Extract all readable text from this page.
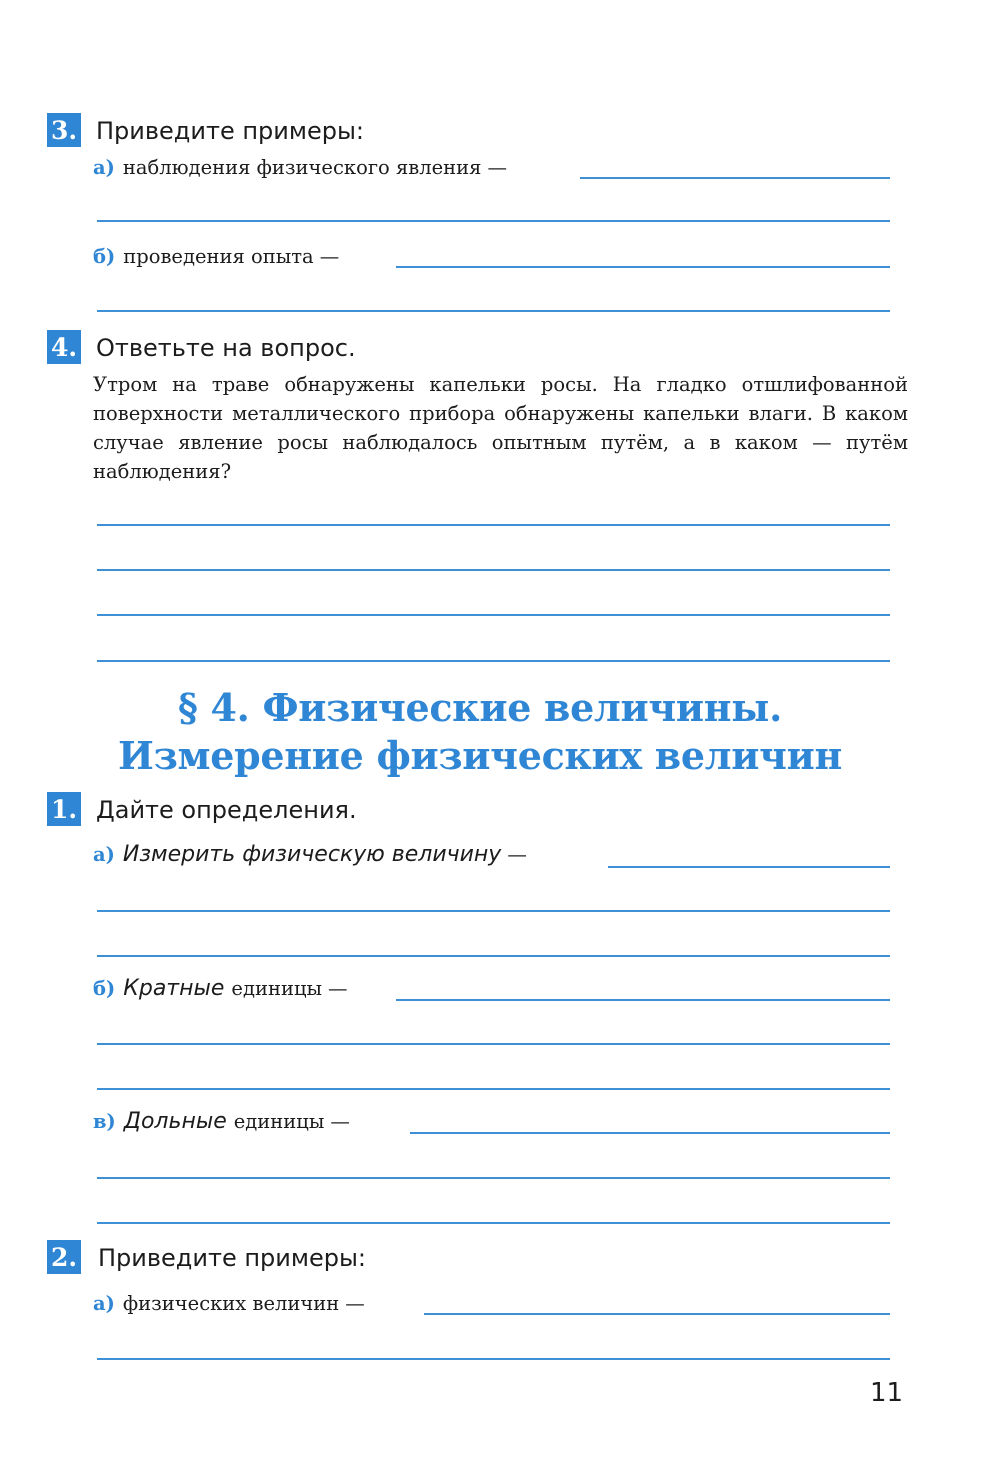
3. Приведите примеры:
а) наблюдения физического явления —
б) проведения опыта —
4. Ответьте на вопрос.
Утром на траве обнаружены капельки росы. На гладко отшлифованной поверхности металлического прибора обнаружены капельки влаги. В каком случае явление росы наблюдалось опытным путём, а в каком — путём наблюдения?
§ 4. Физические величины.
Измерение физических величин
1. Дайте определения.
а) Измерить физическую величину —
б) Кратные единицы —
в) Дольные единицы —
2. Приведите примеры:
а) физических величин —
11
